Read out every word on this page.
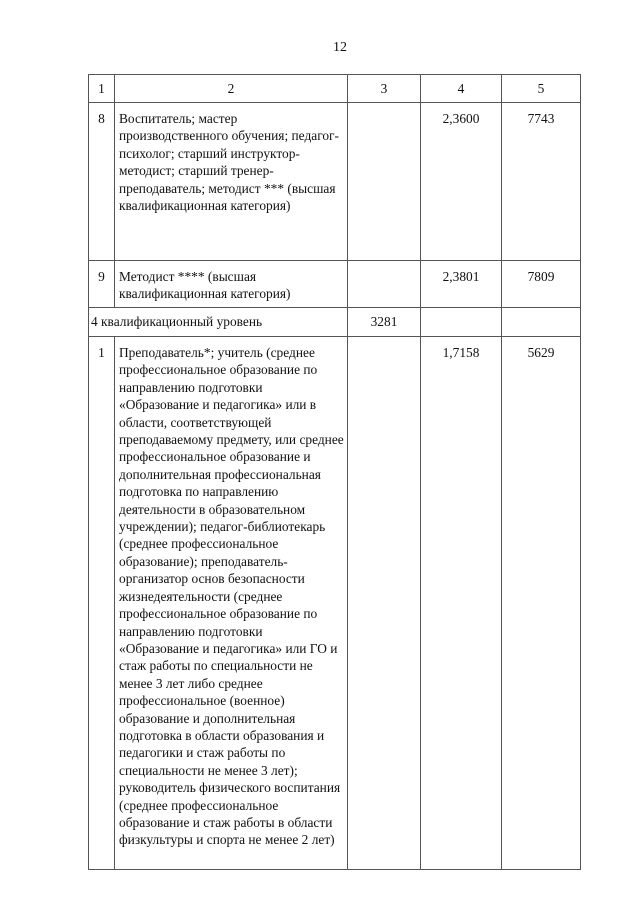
12
1	2	3	4	5
8	Воспитатель; мастер производственного обучения; педагог-психолог; старший инструктор-методист; старший тренер-преподаватель; методист *** (высшая квалификационная категория)		2,3600	7743
9	Методист **** (высшая квалификационная категория)		2,3801	7809
4 квалификационный уровень		3281		
1	Преподаватель*; учитель (среднее профессиональное образование по направлению подготовки «Образование и педагогика» или в области, соответствующей преподаваемому предмету, или среднее профессиональное образование и дополнительная профессиональная подготовка по направлению деятельности в образовательном учреждении); педагог-библиотекарь (среднее профессиональное образование); преподаватель-организатор основ безопасности жизнедеятельности (среднее профессиональное образование по направлению подготовки «Образование и педагогика» или ГО и стаж работы по специальности не менее 3 лет либо среднее профессиональное (военное) образование и дополнительная подготовка в области образования и педагогики и стаж работы по специальности не менее 3 лет); руководитель физического воспитания (среднее профессиональное образование и стаж работы в области физкультуры и спорта не менее 2 лет)		1,7158	5629
